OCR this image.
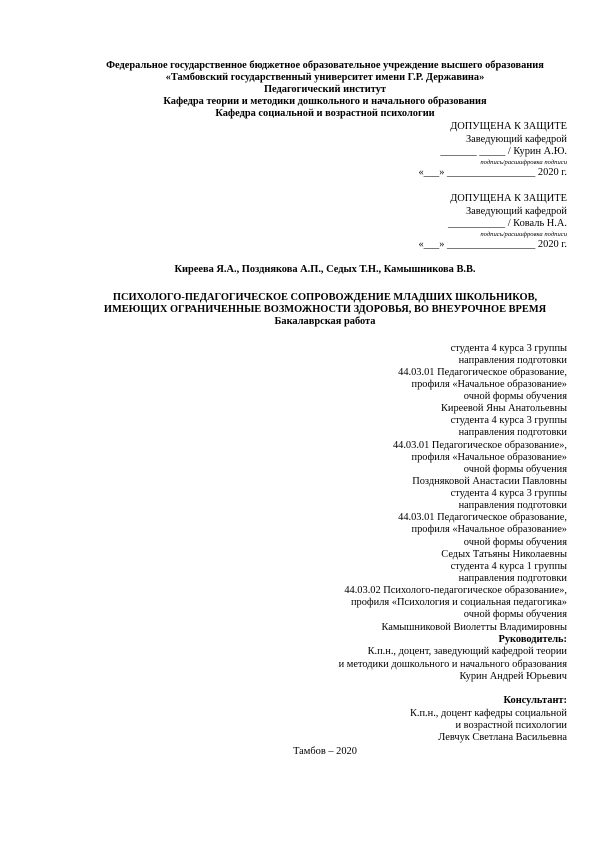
Федеральное государственное бюджетное образовательное учреждение высшего образования
«Тамбовский государственный университет имени Г.Р. Державина»
Педагогический институт
Кафедра теории и методики дошкольного и начального образования
Кафедра социальной и возрастной психологии
ДОПУЩЕНА К ЗАЩИТЕ
Заведующий кафедрой
_______ _____ / Курин А.Ю.
подпись/расшифровка подписи
«___» _________________ 2020 г.
ДОПУЩЕНА К ЗАЩИТЕ
Заведующий кафедрой
___________ / Коваль Н.А.
подпись/расшифровка подписи
«___» _________________ 2020 г.
Киреева Я.А., Позднякова А.П., Седых Т.Н., Камышникова В.В.
ПСИХОЛОГО-ПЕДАГОГИЧЕСКОЕ СОПРОВОЖДЕНИЕ МЛАДШИХ ШКОЛЬНИКОВ,
ИМЕЮЩИХ ОГРАНИЧЕННЫЕ ВОЗМОЖНОСТИ ЗДОРОВЬЯ, ВО ВНЕУРОЧНОЕ ВРЕМЯ
Бакалаврская работа
студента 4 курса 3 группы
направления подготовки
44.03.01 Педагогическое образование,
профиля «Начальное образование»
очной формы обучения
Киреевой Яны Анатольевны
студента 4 курса 3 группы
направления подготовки
44.03.01 Педагогическое образование»,
профиля «Начальное образование»
очной формы обучения
Поздняковой Анастасии Павловны
студента 4 курса 3 группы
направления подготовки
44.03.01 Педагогическое образование,
профиля «Начальное образование»
очной формы обучения
Седых Татьяны Николаевны
студента 4 курса 1 группы
направления подготовки
44.03.02 Психолого-педагогическое образование»,
профиля «Психология и социальная педагогика»
очной формы обучения
Камышниковой Виолетты Владимировны
Руководитель:
К.п.н., доцент, заведующий кафедрой теории
и методики дошкольного и начального образования
Курин Андрей Юрьевич
Консультант:
К.п.н., доцент кафедры социальной
и возрастной психологии
Левчук Светлана Васильевна
Тамбов – 2020
